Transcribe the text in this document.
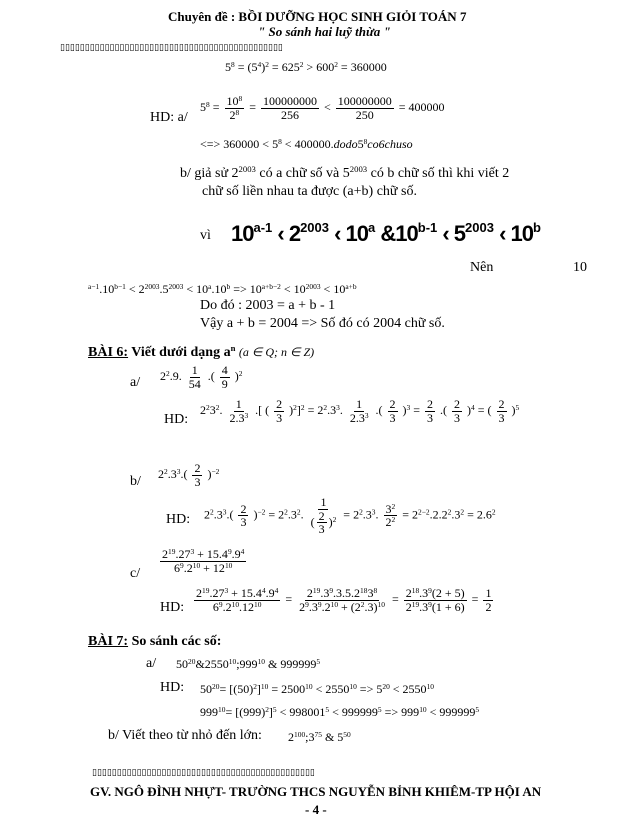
Chuyên đề : BỒI DƯỠNG HỌC SINH GIỎI TOÁN 7
" So sánh hai luỹ thừa "
▯▯▯▯▯▯▯▯▯▯▯▯▯▯▯▯▯▯▯▯▯▯▯▯▯▯▯▯▯▯▯▯▯▯▯▯▯▯▯▯▯▯▯▯▯
$5^8 = (5^4)^2 = 625^2 > 600^2 = 360000$
HD: a/
$5^8 = \frac{10^8}{2^8} = \frac{100000000}{256} < \frac{100000000}{250} = 400000$
<=> $360000 < 5^8$ < $400000.dodo5^8co6chuso$
b/ giả sử $2^{2003}$ có a chữ số và $5^{2003}$ có b chữ số thì khi viết 2
chữ số liền nhau ta được (a+b) chữ số.
vì 10$^{a-1}$ ‹ $2^{2003}$ ‹ 10$^a$ &10$^{b-1}$ ‹ $5^{2003}$ ‹ 10$^b$
Nên	10
$^{a-1}.10^{b-1} < 2^{2003}.5^{2003} < 10^a.10^b => 10^{a+b-2} < 10^{2003} < 10^{a+b}$
Do đó : 2003 = a + b - 1
Vậy a + b = 2004 => Số đó có 2004 chữ số.
BÀI 6: Viết dưới dạng $a^n$ (a ∈ Q; n ∈ Z)
a/ $2^2.9$. $\frac{1}{54}$ .( $\frac{4}{9} )^2$
HD:
$2^23^2$. $\frac{1}{2.3^3}$ .[ ( $\frac{2}{3} )^2]^2 = 2^2.3^3$. $\frac{1}{2.3^3}$ .( $\frac{2}{3} )^3 = \frac{2}{3}$ .( $\frac{2}{3} )^4$ = ( $\frac{2}{3} )^5$
b/
$2^2.3^3.( \frac{2}{3} )^{-2}$
HD: $2^2.3^3.( \frac{2}{3} )^{-2} = 2^2.3^2$. $\frac{1}{( \frac{2}{3} )^2} = 2^2.3^3$. $\frac{3^2}{2^2} = 2^{2-2}.2.2^2.3^2 = 2.6^2$
$c/ \frac{2^{19}.27^3 + 15.4^9.9^4}{6^9.2^{10} + 12^{10}}$
HD: $\frac{2^{19}.27^3 + 15.4^4.9^4}{6^9.2^{10}.12^{10}} = \frac{2^{19}.3^9.3.5.2^{18}3^8}{2^9.3^9.2^{10} + (2^2.3)^{10}} = \frac{2^{18}.3^9(2 + 5)}{2^{19}.3^9(1 + 6)} = \frac{1}{2}$
BÀI 7: So sánh các số:
a/ $50^{20}\&2550^{10};999^{10}$ & 999999$^5$
HD: $50^{20}= [(50)^2]^{10} = 2500^{10} < 2550^{10} => 5^{20} < 2550^{10}$
$999^{10}= [(999)^2]^5 < 998001^5 < 999999^5 => 999^{10} < 999999^5$
b/ Viết theo từ nhỏ đến lớn: $2^{100};3^{75}$ & $5^{50}$
▯▯▯▯▯▯▯▯▯▯▯▯▯▯▯▯▯▯▯▯▯▯▯▯▯▯▯▯▯▯▯▯▯▯▯▯▯▯▯▯▯▯▯▯▯
GV. NGÔ ĐÌNH NHỰT- TRƯỜNG THCS NGUYỄN BỈNH KHIÊM-TP HỘI AN
- 4 -
